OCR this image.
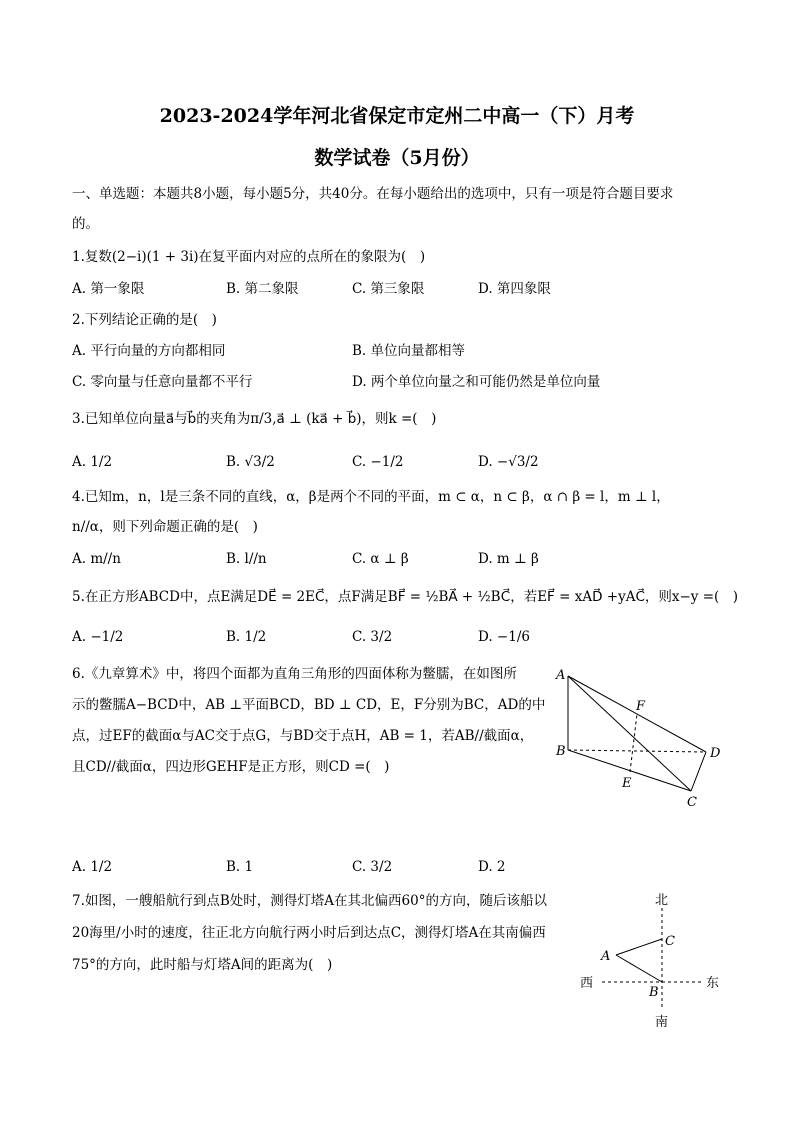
2023-2024学年河北省保定市定州二中高一（下）月考
数学试卷（5月份）
一、单选题：本题共8小题，每小题5分，共40分。在每小题给出的选项中，只有一项是符合题目要求
的。
1.复数(2−i)(1 + 3i)在复平面内对应的点所在的象限为(　)
A. 第一象限	B. 第二象限	C. 第三象限	D. 第四象限
2.下列结论正确的是(　)
A. 平行向量的方向都相同	B. 单位向量都相等
C. 零向量与任意向量都不平行	D. 两个单位向量之和可能仍然是单位向量
3.已知单位向量a⃗与b⃗的夹角为π/3,a⃗ ⊥ (ka⃗ + b⃗)，则k =(　)
A. 1/2	B. √3/2	C. −1/2	D. −√3/2
4.已知m，n，l是三条不同的直线，α，β是两个不同的平面，m ⊂ α，n ⊂ β，α ∩ β = l，m ⊥ l，
n//α，则下列命题正确的是(　)
A. m//n	B. l//n	C. α ⊥ β	D. m ⊥ β
5.在正方形ABCD中，点E满足DE⃗ = 2EC⃗，点F满足BF⃗ = ½BA⃗ + ½BC⃗，若EF⃗ = xAD⃗ +yAC⃗，则x−y =(　)
A. −1/2	B. 1/2	C. 3/2	D. −1/6
6.《九章算术》中，将四个面都为直角三角形的四面体称为鳖臑，在如图所
示的鳖臑A−BCD中，AB ⊥平面BCD，BD ⊥ CD，E，F分别为BC，AD的中
点，过EF的截面α与AC交于点G，与BD交于点H，AB = 1，若AB//截面α，
且CD//截面α，四边形GEHF是正方形，则CD =(　)
A
F
B	D
E
C
A. 1/2	B. 1	C. 3/2	D. 2
7.如图，一艘船航行到点B处时，测得灯塔A在其北偏西60°的方向，随后该船以
20海里/小时的速度，往正北方向航行两小时后到达点C，测得灯塔A在其南偏西
75°的方向，此时船与灯塔A间的距离为(　)
北
C
A
西
B
东
南
